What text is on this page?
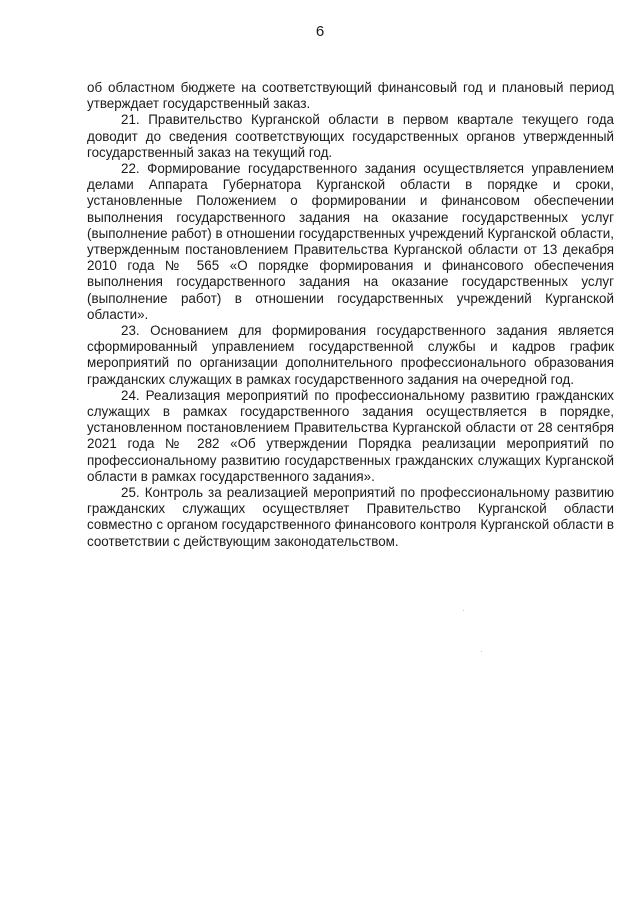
6

об областном бюджете на соответствующий финансовый год и плановый период утверждает государственный заказ.

21. Правительство Курганской области в первом квартале текущего года доводит до сведения соответствующих государственных органов утвержденный государственный заказ на текущий год.

22. Формирование государственного задания осуществляется управлением делами Аппарата Губернатора Курганской области в порядке и сроки, установленные Положением о формировании и финансовом обеспечении выполнения государственного задания на оказание государственных услуг (выполнение работ) в отношении государственных учреждений Курганской области, утвержденным постановлением Правительства Курганской области от 13 декабря 2010 года № 565 «О порядке формирования и финансового обеспечения выполнения государственного задания на оказание государственных услуг (выполнение работ) в отношении государственных учреждений Курганской области».

23. Основанием для формирования государственного задания является сформированный управлением государственной службы и кадров график мероприятий по организации дополнительного профессионального образования гражданских служащих в рамках государственного задания на очередной год.

24. Реализация мероприятий по профессиональному развитию гражданских служащих в рамках государственного задания осуществляется в порядке, установленном постановлением Правительства Курганской области от 28 сентября 2021 года № 282 «Об утверждении Порядка реализации мероприятий по профессиональному развитию государственных гражданских служащих Курганской области в рамках государственного задания».

25. Контроль за реализацией мероприятий по профессиональному развитию гражданских служащих осуществляет Правительство Курганской области совместно с органом государственного финансового контроля Курганской области в соответствии с действующим законодательством.
